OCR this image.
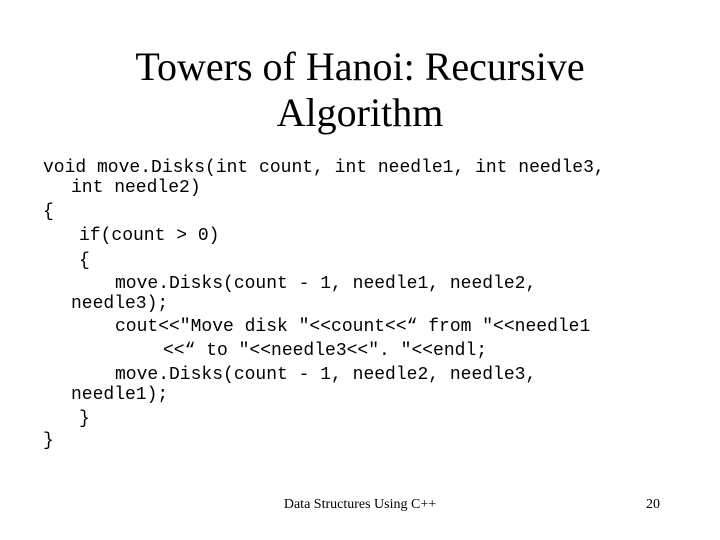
Towers of Hanoi: Recursive
Algorithm

void move.Disks(int count, int needle1, int needle3,

int needle2)

{

if(count > 0)

{

move.Disks(count - 1, needle1, needle2,

needle3);

cout<<"Move disk "<<count<<“ from "<<needle1

<<“ to "<<needle3<<". "<<endl;

move.Disks(count - 1, needle2, needle3,

needle1);

}

}

Data Structures Using C++	20
